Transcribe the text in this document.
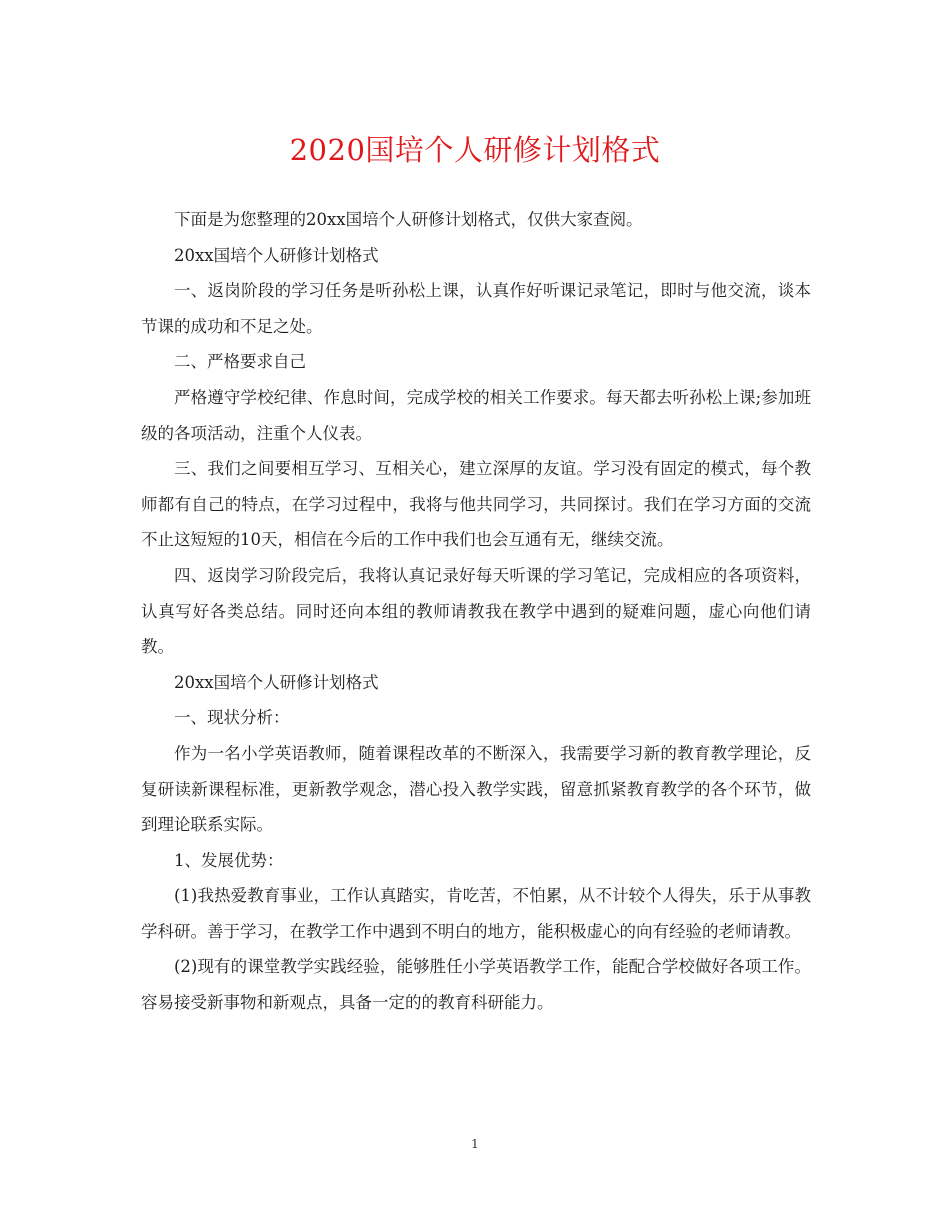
2020国培个人研修计划格式

下面是为您整理的20xx国培个人研修计划格式，仅供大家查阅。

20xx国培个人研修计划格式

一、返岗阶段的学习任务是听孙松上课，认真作好听课记录笔记，即时与他交流，谈本节课的成功和不足之处。

二、严格要求自己

严格遵守学校纪律、作息时间，完成学校的相关工作要求。每天都去听孙松上课;参加班级的各项活动，注重个人仪表。

三、我们之间要相互学习、互相关心，建立深厚的友谊。学习没有固定的模式，每个教师都有自己的特点，在学习过程中，我将与他共同学习，共同探讨。我们在学习方面的交流不止这短短的10天，相信在今后的工作中我们也会互通有无，继续交流。

四、返岗学习阶段完后，我将认真记录好每天听课的学习笔记，完成相应的各项资料，认真写好各类总结。同时还向本组的教师请教我在教学中遇到的疑难问题，虚心向他们请教。

20xx国培个人研修计划格式

一、现状分析：

作为一名小学英语教师，随着课程改革的不断深入，我需要学习新的教育教学理论，反复研读新课程标准，更新教学观念，潜心投入教学实践，留意抓紧教育教学的各个环节，做到理论联系实际。

1、发展优势：

(1)我热爱教育事业，工作认真踏实，肯吃苦，不怕累，从不计较个人得失，乐于从事教学科研。善于学习，在教学工作中遇到不明白的地方，能积极虚心的向有经验的老师请教。

(2)现有的课堂教学实践经验，能够胜任小学英语教学工作，能配合学校做好各项工作。容易接受新事物和新观点，具备一定的的教育科研能力。

1
